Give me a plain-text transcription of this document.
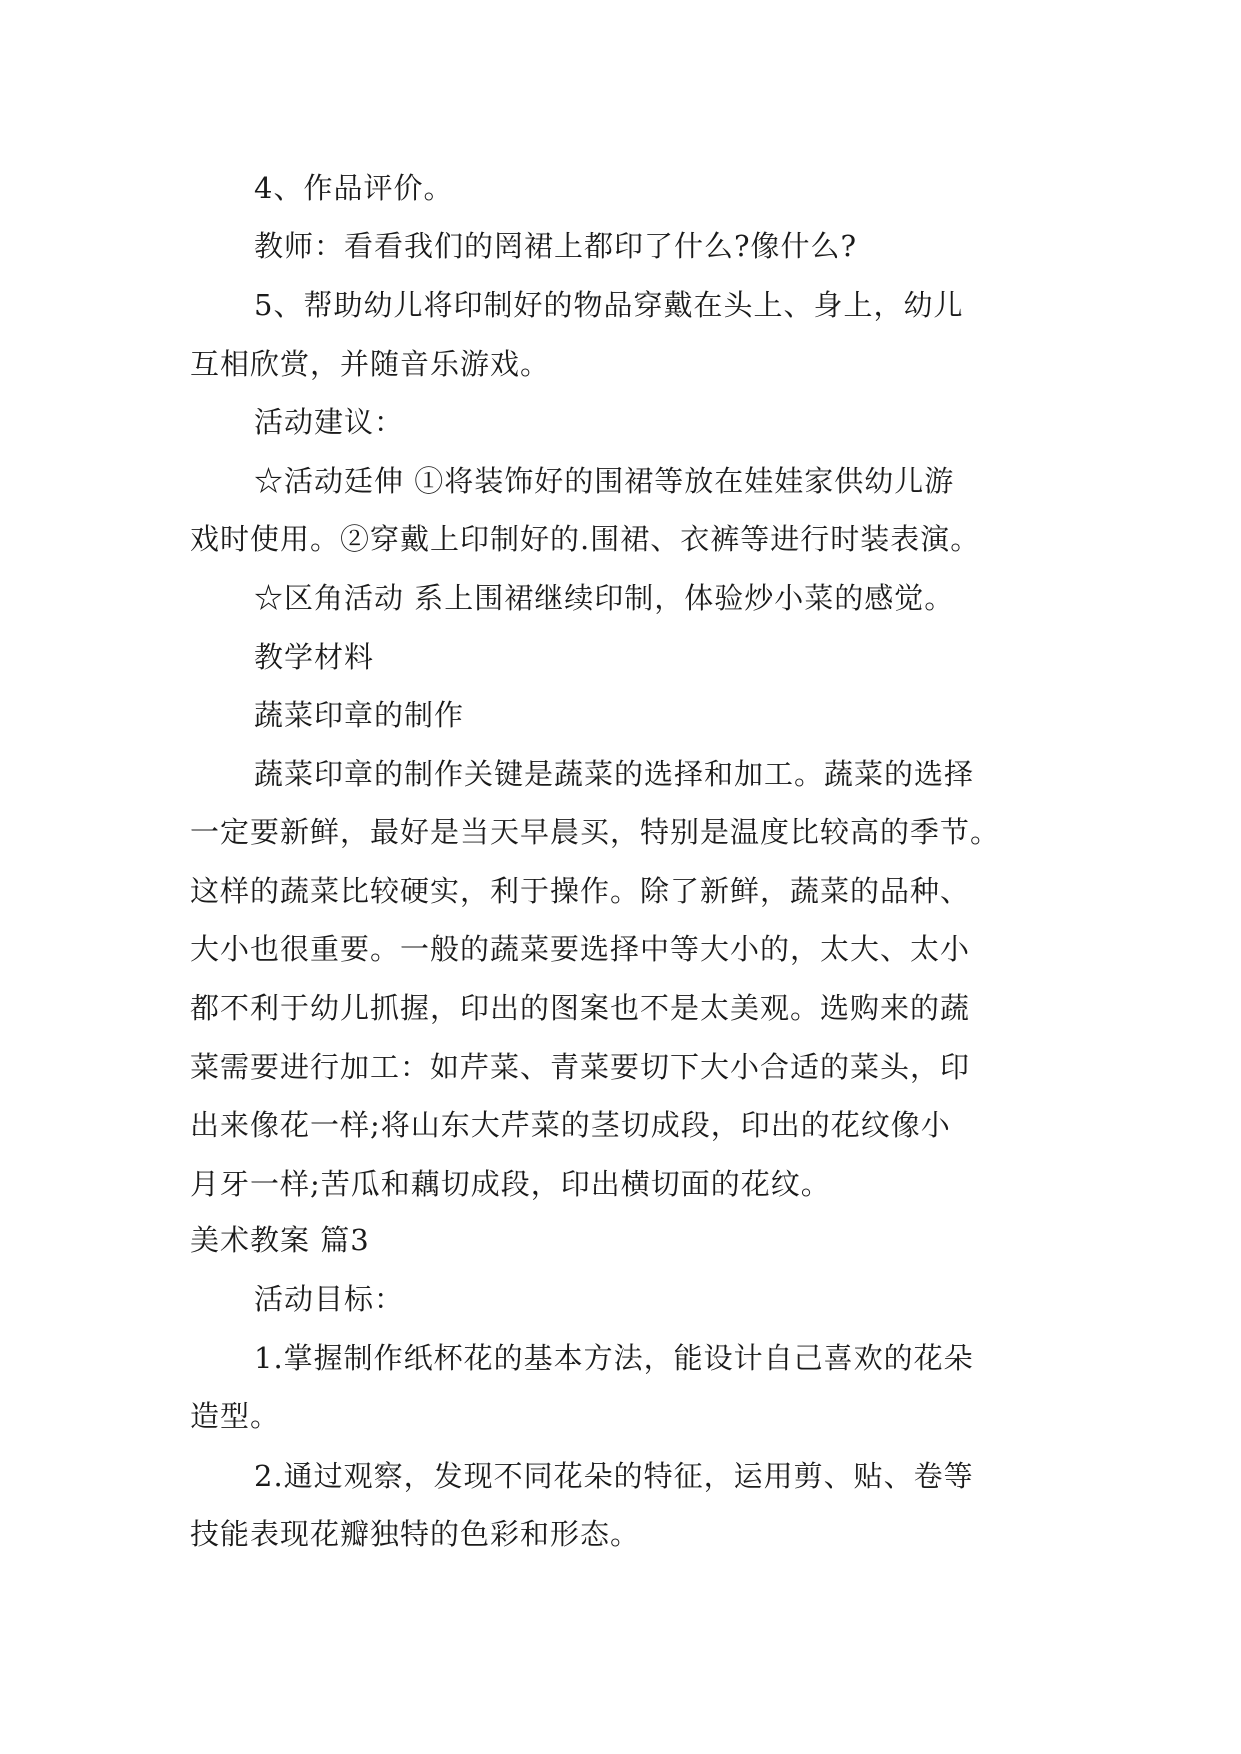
4、作品评价。
教师：看看我们的罔裙上都印了什么?像什么?
5、帮助幼儿将印制好的物品穿戴在头上、身上，幼儿
互相欣赏，并随音乐游戏。
活动建议：
☆活动廷伸 ①将装饰好的围裙等放在娃娃家供幼儿游
戏时使用。②穿戴上印制好的.围裙、衣裤等进行时装表演。
☆区角活动 系上围裙继续印制，体验炒小菜的感觉。
教学材料
蔬菜印章的制作
蔬菜印章的制作关键是蔬菜的选择和加工。蔬菜的选择
一定要新鲜，最好是当天早晨买，特别是温度比较高的季节。
这样的蔬菜比较硬实，利于操作。除了新鲜，蔬菜的品种、
大小也很重要。一般的蔬菜要选择中等大小的，太大、太小
都不利于幼儿抓握，印出的图案也不是太美观。选购来的蔬
菜需要进行加工：如芹菜、青菜要切下大小合适的菜头，印
出来像花一样;将山东大芹菜的茎切成段，印出的花纹像小
月牙一样;苦瓜和藕切成段，印出横切面的花纹。
美术教案 篇3
活动目标：
1.掌握制作纸杯花的基本方法，能设计自己喜欢的花朵
造型。
2.通过观察，发现不同花朵的特征，运用剪、贴、卷等
技能表现花瓣独特的色彩和形态。
